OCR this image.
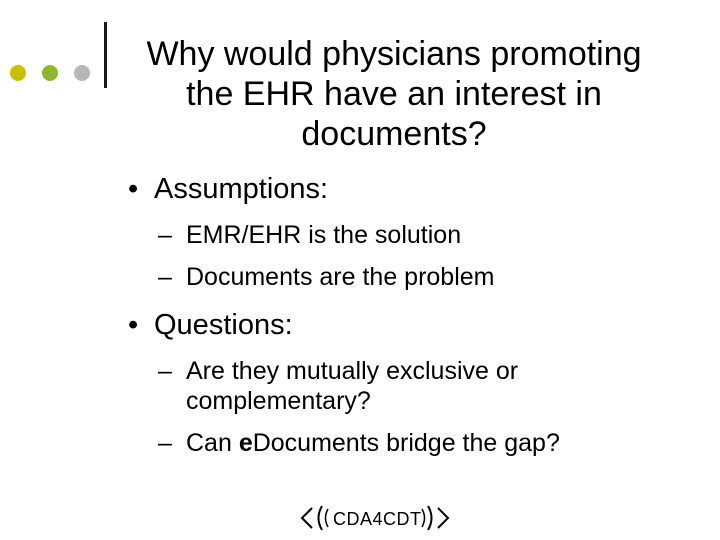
Why would physicians promoting
the EHR have an interest in
documents?

• Assumptions:

– EMR/EHR is the solution
– Documents are the problem

• Questions:

– Are they mutually exclusive or
complementary?
– Can eDocuments bridge the gap?
CDA4CDT
